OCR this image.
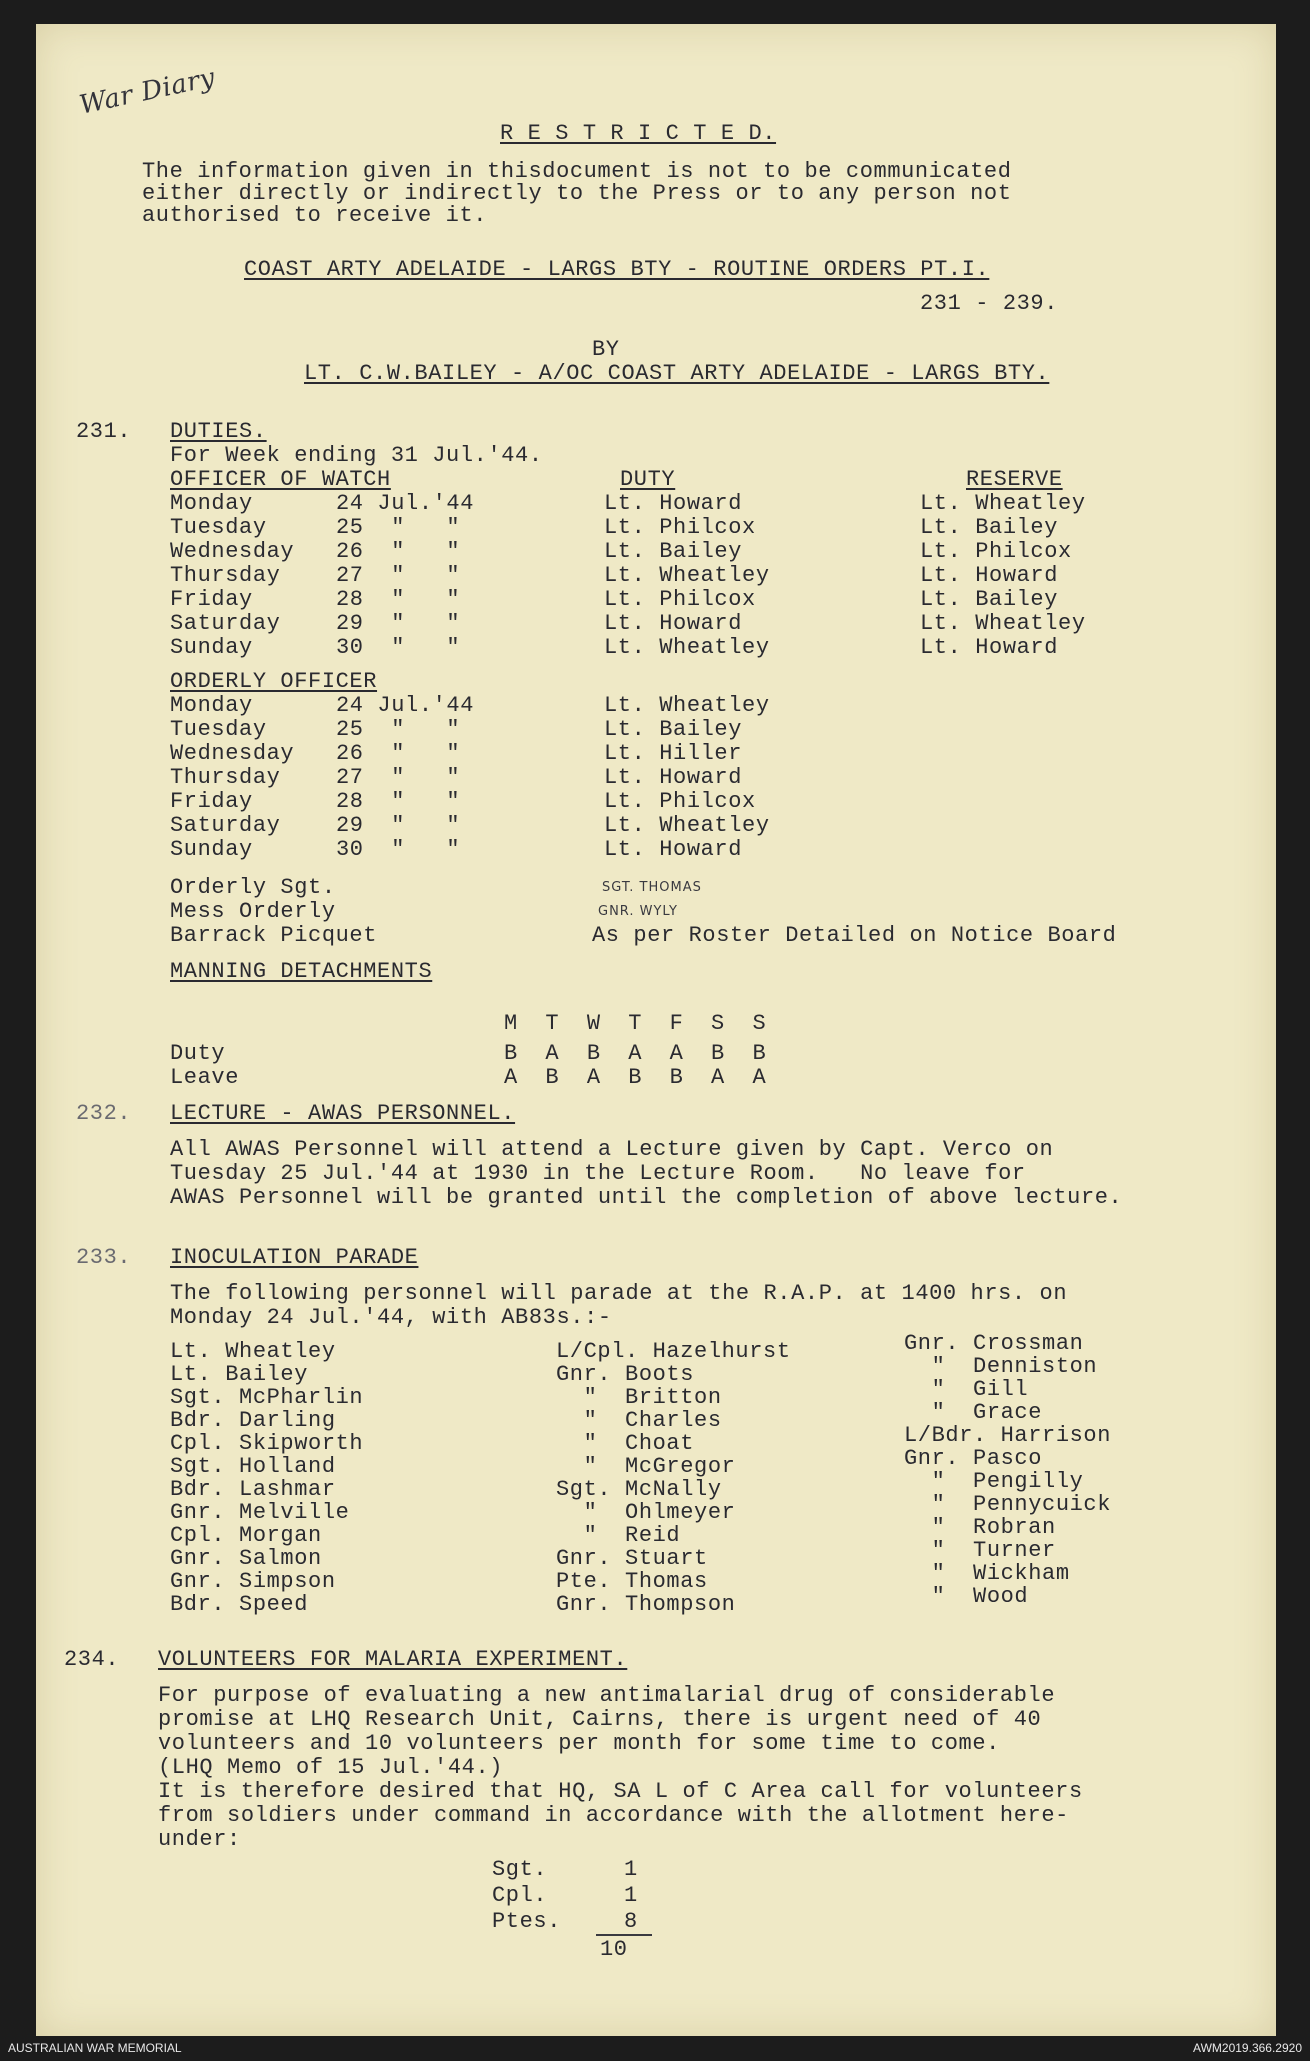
War Diary
R E S T R I C T E D.
The information given in thisdocument is not to be communicated
either directly or indirectly to the Press or to any person not
authorised to receive it.
COAST ARTY ADELAIDE - LARGS BTY - ROUTINE ORDERS PT.I.
231 - 239.
BY
LT. C.W.BAILEY - A/OC COAST ARTY ADELAIDE - LARGS BTY.
231. DUTIES.
For Week ending 31 Jul.'44.
OFFICER OF WATCH	DUTY	RESERVE
Monday	24 Jul.'44	Lt. Howard	Lt. Wheatley
Tuesday	25  "   "	Lt. Philcox	Lt. Bailey
Wednesday 26  "   "	Lt. Bailey	Lt. Philcox
Thursday	27  "   "	Lt. Wheatley	Lt. Howard
Friday	28  "   "	Lt. Philcox	Lt. Bailey
Saturday	29  "   "	Lt. Howard	Lt. Wheatley
Sunday	30  "   "	Lt. Wheatley	Lt. Howard
ORDERLY OFFICER
Monday	24 Jul.'44	Lt. Wheatley
Tuesday	25  "   "	Lt. Bailey
Wednesday 26  "   "	Lt. Hiller
Thursday	27  "   "	Lt. Howard
Friday	28  "   "	Lt. Philcox
Saturday	29  "   "	Lt. Wheatley
Sunday	30  "   "	Lt. Howard
Orderly Sgt.	SGT. THOMAS
Mess Orderly	GNR. WYLY
Barrack Picquet	As per Roster Detailed on Notice Board
MANNING DETACHMENTS
M  T  W  T  F  S  S
Duty	B  A  B  A  A  B  B
Leave	A  B  A  B  B  A  A
232. LECTURE - AWAS PERSONNEL.
All AWAS Personnel will attend a Lecture given by Capt. Verco on
Tuesday 25 Jul.'44 at 1930 in the Lecture Room.   No leave for
AWAS Personnel will be granted until the completion of above lecture.
233. INOCULATION PARADE
The following personnel will parade at the R.A.P. at 1400 hrs. on
Monday 24 Jul.'44, with AB83s.:-
Lt. Wheatley
Lt. Bailey
Sgt. McPharlin
Bdr. Darling
Cpl. Skipworth
Sgt. Holland
Bdr. Lashmar
Gnr. Melville
Cpl. Morgan
Gnr. Salmon
Gnr. Simpson
Bdr. Speed
L/Cpl. Hazelhurst
Gnr. Boots
"  Britton
"  Charles
"  Choat
"  McGregor
Sgt. McNally
"  Ohlmeyer
"  Reid
Gnr. Stuart
Pte. Thomas
Gnr. Thompson
Gnr. Crossman
"  Denniston
"  Gill
"  Grace
L/Bdr. Harrison
Gnr. Pasco
"  Pengilly
"  Pennycuick
"  Robran
"  Turner
"  Wickham
"  Wood
234. VOLUNTEERS FOR MALARIA EXPERIMENT.
For purpose of evaluating a new antimalarial drug of considerable
promise at LHQ Research Unit, Cairns, there is urgent need of 40
volunteers and 10 volunteers per month for some time to come.
(LHQ Memo of 15 Jul.'44.)
It is therefore desired that HQ, SA L of C Area call for volunteers
from soldiers under command in accordance with the allotment here-
under:
Sgt.	1
Cpl.	1
Ptes.	8
10
AUSTRALIAN WAR MEMORIAL	AWM2019.366.2920
